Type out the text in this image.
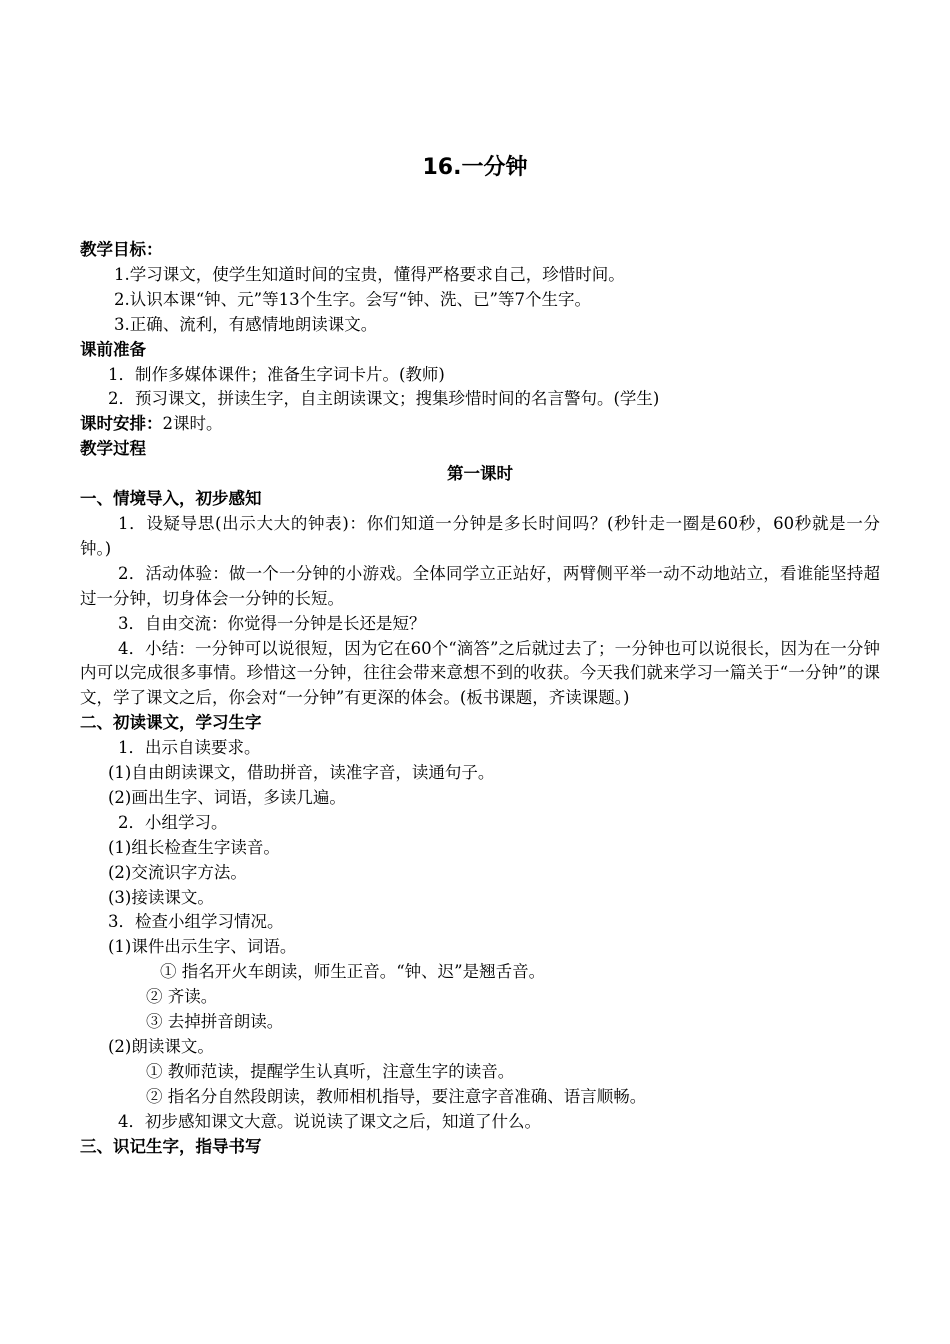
16.一分钟

教学目标：

1.学习课文，使学生知道时间的宝贵，懂得严格要求自己，珍惜时间。

2.认识本课“钟、元”等13个生字。会写“钟、洗、已”等7个生字。

3.正确、流利，有感情地朗读课文。

课前准备

1．制作多媒体课件；准备生字词卡片。(教师)

2．预习课文，拼读生字，自主朗读课文；搜集珍惜时间的名言警句。(学生)

课时安排：2课时。

教学过程

第一课时

一、情境导入，初步感知

1．设疑导思(出示大大的钟表)：你们知道一分钟是多长时间吗？(秒针走一圈是60秒，60秒就是一分钟。)

2．活动体验：做一个一分钟的小游戏。全体同学立正站好，两臂侧平举一动不动地站立，看谁能坚持超过一分钟，切身体会一分钟的长短。

3．自由交流：你觉得一分钟是长还是短？

4．小结：一分钟可以说很短，因为它在60个“滴答”之后就过去了；一分钟也可以说很长，因为在一分钟内可以完成很多事情。珍惜这一分钟，往往会带来意想不到的收获。今天我们就来学习一篇关于“一分钟”的课文，学了课文之后，你会对“一分钟”有更深的体会。(板书课题，齐读课题。)

二、初读课文，学习生字

1．出示自读要求。

(1)自由朗读课文，借助拼音，读准字音，读通句子。

(2)画出生字、词语，多读几遍。

2．小组学习。

(1)组长检查生字读音。

(2)交流识字方法。

(3)接读课文。

3．检查小组学习情况。

(1)课件出示生字、词语。

① 指名开火车朗读，师生正音。“钟、迟”是翘舌音。

② 齐读。

③ 去掉拼音朗读。

(2)朗读课文。

① 教师范读，提醒学生认真听，注意生字的读音。

② 指名分自然段朗读，教师相机指导，要注意字音准确、语言顺畅。

4．初步感知课文大意。说说读了课文之后，知道了什么。

三、识记生字，指导书写
